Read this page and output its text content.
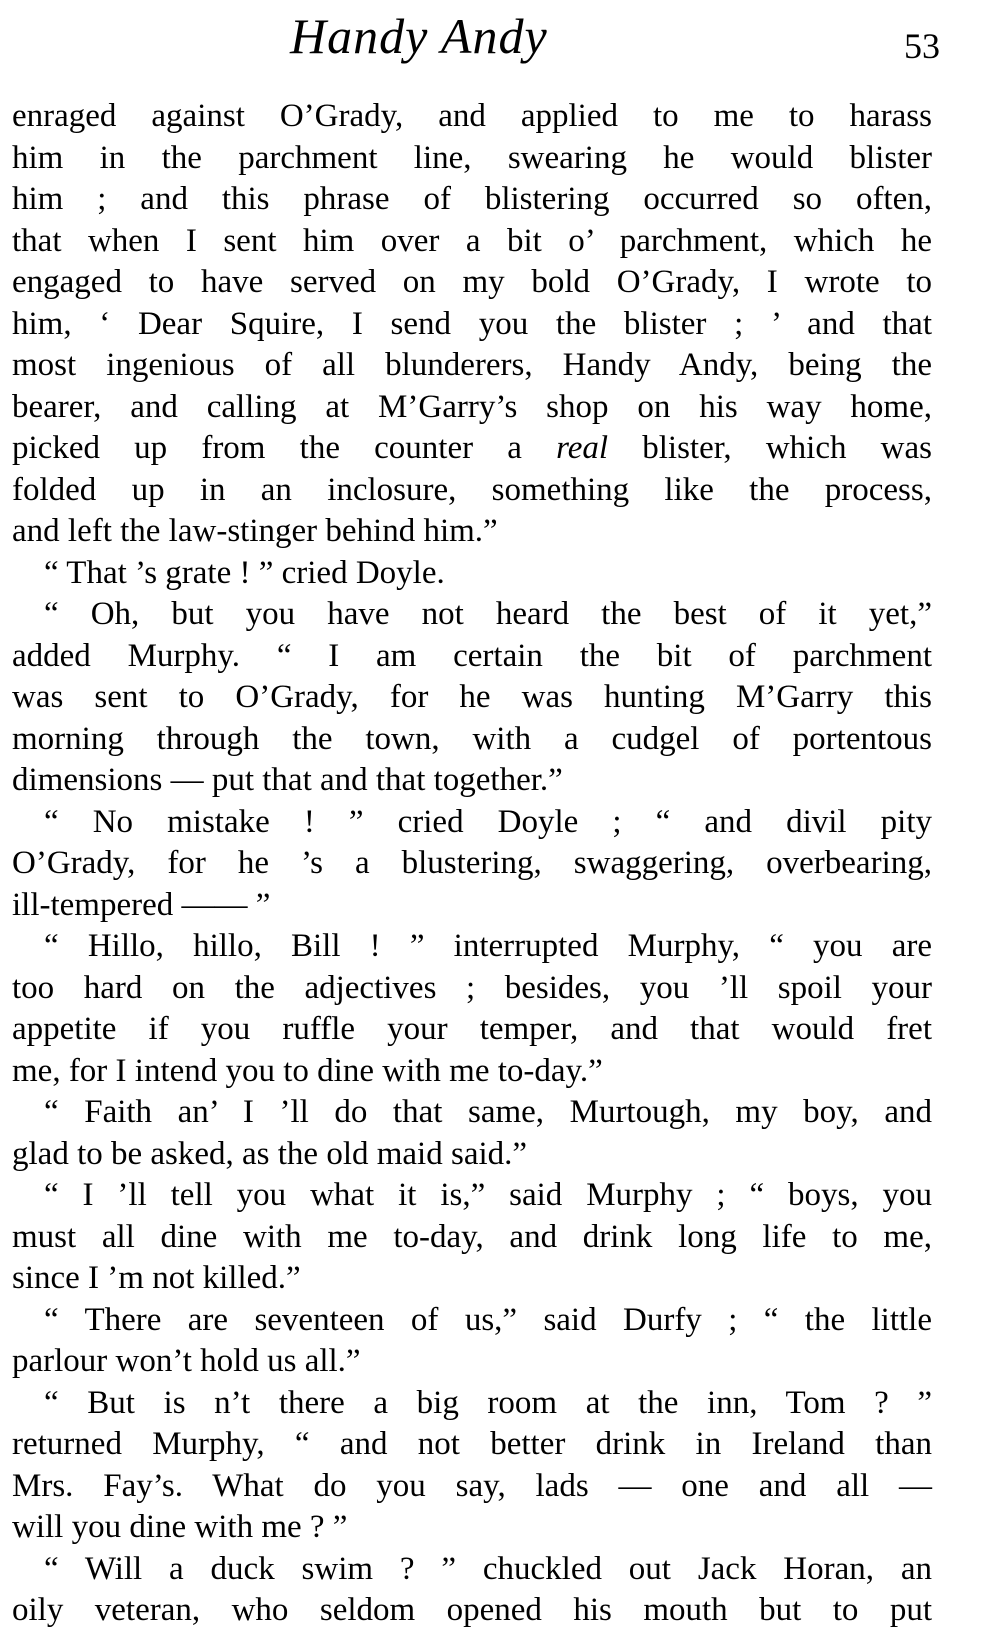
Handy Andy	53
enraged against O’Grady, and applied to me to harass
him in the parchment line, swearing he would blister
him ; and this phrase of blistering occurred so often,
that when I sent him over a bit o’ parchment, which he
engaged to have served on my bold O’Grady, I wrote to
him, ‘ Dear Squire, I send you the blister ; ’ and that
most ingenious of all blunderers, Handy Andy, being the
bearer, and calling at M’Garry’s shop on his way home,
picked up from the counter a real blister, which was
folded up in an inclosure, something like the process,
and left the law-stinger behind him.”
“ That ’s grate ! ” cried Doyle.
“ Oh, but you have not heard the best of it yet,”
added Murphy. “ I am certain the bit of parchment
was sent to O’Grady, for he was hunting M’Garry this
morning through the town, with a cudgel of portentous
dimensions — put that and that together.”
“ No mistake ! ” cried Doyle ; “ and divil pity
O’Grady, for he ’s a blustering, swaggering, overbearing,
ill-tempered —— ”
“ Hillo, hillo, Bill ! ” interrupted Murphy, “ you are
too hard on the adjectives ; besides, you ’ll spoil your
appetite if you ruffle your temper, and that would fret
me, for I intend you to dine with me to-day.”
“ Faith an’ I ’ll do that same, Murtough, my boy, and
glad to be asked, as the old maid said.”
“ I ’ll tell you what it is,” said Murphy ; “ boys, you
must all dine with me to-day, and drink long life to me,
since I ’m not killed.”
“ There are seventeen of us,” said Durfy ; “ the little
parlour won’t hold us all.”
“ But is n’t there a big room at the inn, Tom ? ”
returned Murphy, “ and not better drink in Ireland than
Mrs. Fay’s. What do you say, lads — one and all —
will you dine with me ? ”
“ Will a duck swim ? ” chuckled out Jack Horan, an
oily veteran, who seldom opened his mouth but to put
